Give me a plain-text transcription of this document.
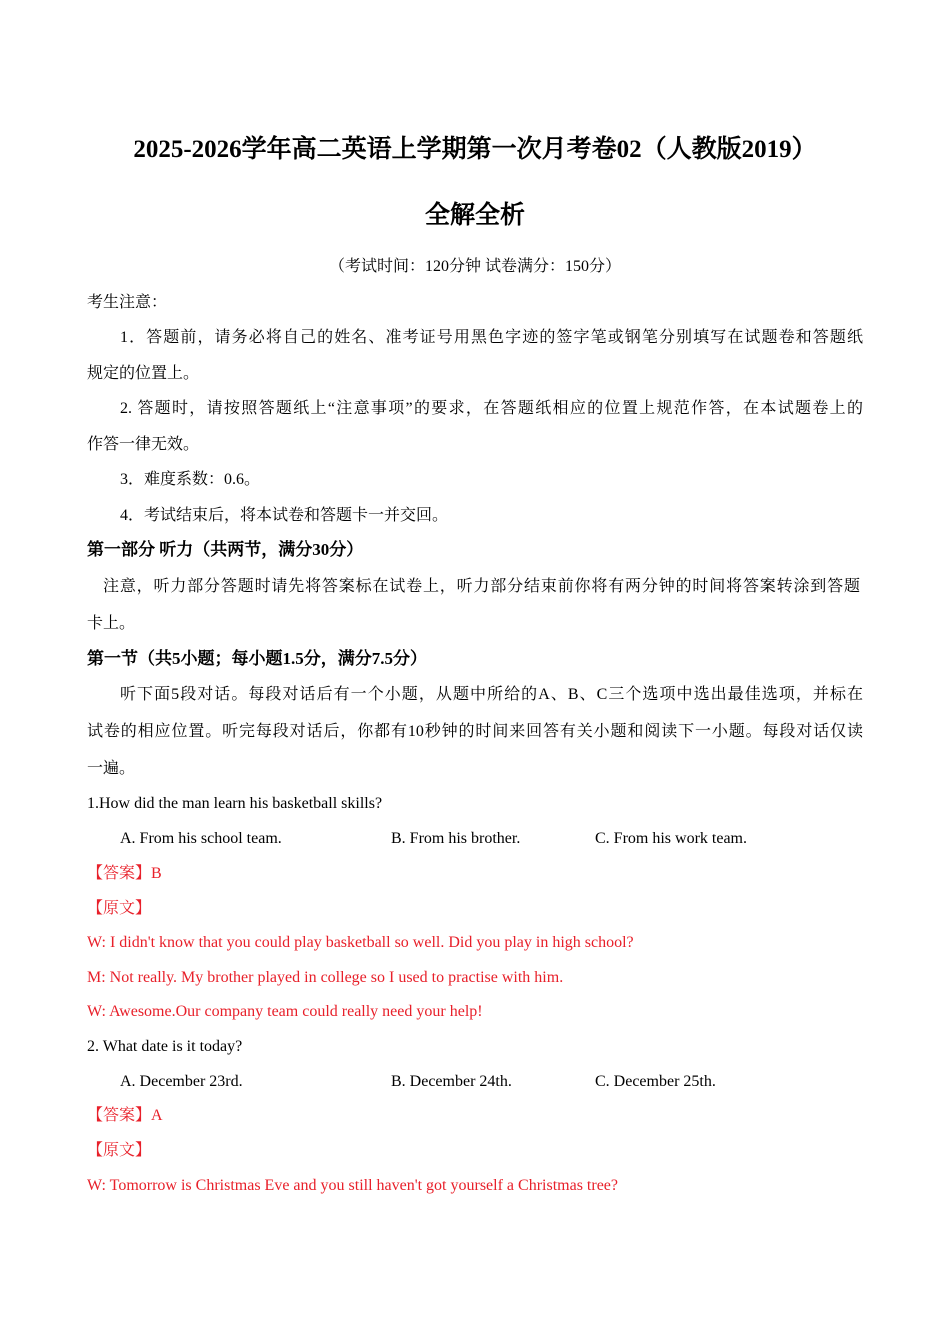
2025-2026学年高二英语上学期第一次月考卷02（人教版2019）
全解全析
（考试时间：120分钟 试卷满分：150分）
考生注意：
1．答题前，请务必将自己的姓名、准考证号用黑色字迹的签字笔或钢笔分别填写在试题卷和答题纸
规定的位置上。
2. 答题时，请按照答题纸上“注意事项”的要求，在答题纸相应的位置上规范作答，在本试题卷上的
作答一律无效。
3．难度系数：0.6。
4．考试结束后，将本试卷和答题卡一并交回。
第一部分 听力（共两节，满分30分）
注意，听力部分答题时请先将答案标在试卷上，听力部分结束前你将有两分钟的时间将答案转涂到答题
卡上。
第一节（共5小题；每小题1.5分，满分7.5分）
听下面5段对话。每段对话后有一个小题，从题中所给的A、B、C三个选项中选出最佳选项，并标在
试卷的相应位置。听完每段对话后，你都有10秒钟的时间来回答有关小题和阅读下一小题。每段对话仅读
一遍。
1.How did the man learn his basketball skills?
A. From his school team.	B. From his brother.	C. From his work team.
【答案】B
【原文】
W: I didn't know that you could play basketball so well. Did you play in high school?
M: Not really. My brother played in college so I used to practise with him.
W: Awesome.Our company team could really need your help!
2. What date is it today?
A. December 23rd.	B. December 24th.	C. December 25th.
【答案】A
【原文】
W: Tomorrow is Christmas Eve and you still haven't got yourself a Christmas tree?
